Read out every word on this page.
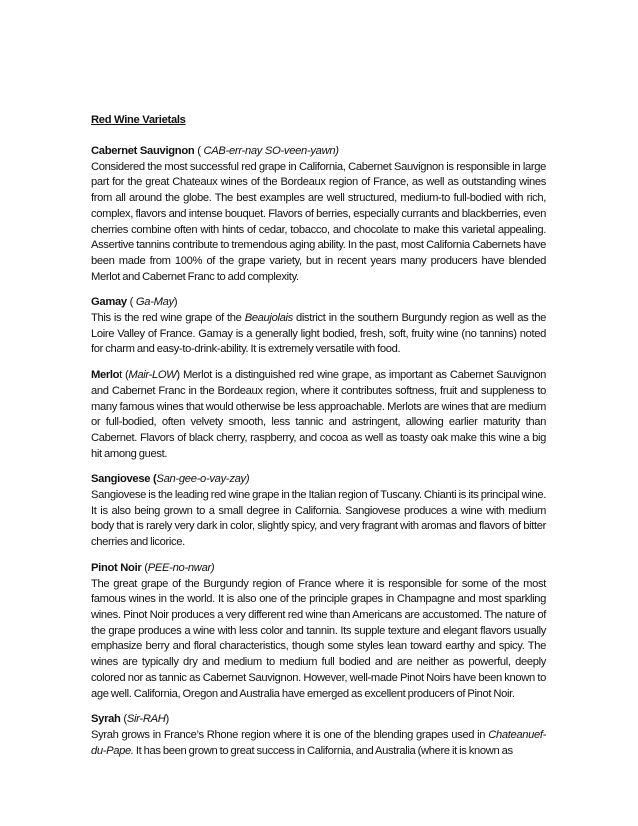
Red Wine Varietals
Cabernet Sauvignon ( CAB-err-nay SO-veen-yawn)
Considered the most successful red grape in California, Cabernet Sauvignon is responsible in large part for the great Chateaux wines of the Bordeaux region of France, as well as outstanding wines from all around the globe. The best examples are well structured, medium-to full-bodied with rich, complex, flavors and intense bouquet. Flavors of berries, especially currants and blackberries, even cherries combine often with hints of cedar, tobacco, and chocolate to make this varietal appealing. Assertive tannins contribute to tremendous aging ability. In the past, most California Cabernets have been made from 100% of the grape variety, but in recent years many producers have blended Merlot and Cabernet Franc to add complexity.
Gamay ( Ga-May)
This is the red wine grape of the Beaujolais district in the southern Burgundy region as well as the Loire Valley of France. Gamay is a generally light bodied, fresh, soft, fruity wine (no tannins) noted for charm and easy-to-drink-ability. It is extremely versatile with food.
Merlot (Mair-LOW) Merlot is a distinguished red wine grape, as important as Cabernet Sauvignon and Cabernet Franc in the Bordeaux region, where it contributes softness, fruit and suppleness to many famous wines that would otherwise be less approachable. Merlots are wines that are medium or full-bodied, often velvety smooth, less tannic and astringent, allowing earlier maturity than Cabernet. Flavors of black cherry, raspberry, and cocoa as well as toasty oak make this wine a big hit among guest.
Sangiovese (San-gee-o-vay-zay)
Sangiovese is the leading red wine grape in the Italian region of Tuscany. Chianti is its principal wine. It is also being grown to a small degree in California. Sangiovese produces a wine with medium body that is rarely very dark in color, slightly spicy, and very fragrant with aromas and flavors of bitter cherries and licorice.
Pinot Noir (PEE-no-nwar)
The great grape of the Burgundy region of France where it is responsible for some of the most famous wines in the world. It is also one of the principle grapes in Champagne and most sparkling wines. Pinot Noir produces a very different red wine than Americans are accustomed. The nature of the grape produces a wine with less color and tannin. Its supple texture and elegant flavors usually emphasize berry and floral characteristics, though some styles lean toward earthy and spicy. The wines are typically dry and medium to medium full bodied and are neither as powerful, deeply colored nor as tannic as Cabernet Sauvignon. However, well-made Pinot Noirs have been known to age well. California, Oregon and Australia have emerged as excellent producers of Pinot Noir.
Syrah (Sir-RAH)
Syrah grows in France’s Rhone region where it is one of the blending grapes used in Chateanuef-du-Pape. It has been grown to great success in California, and Australia (where it is known as
